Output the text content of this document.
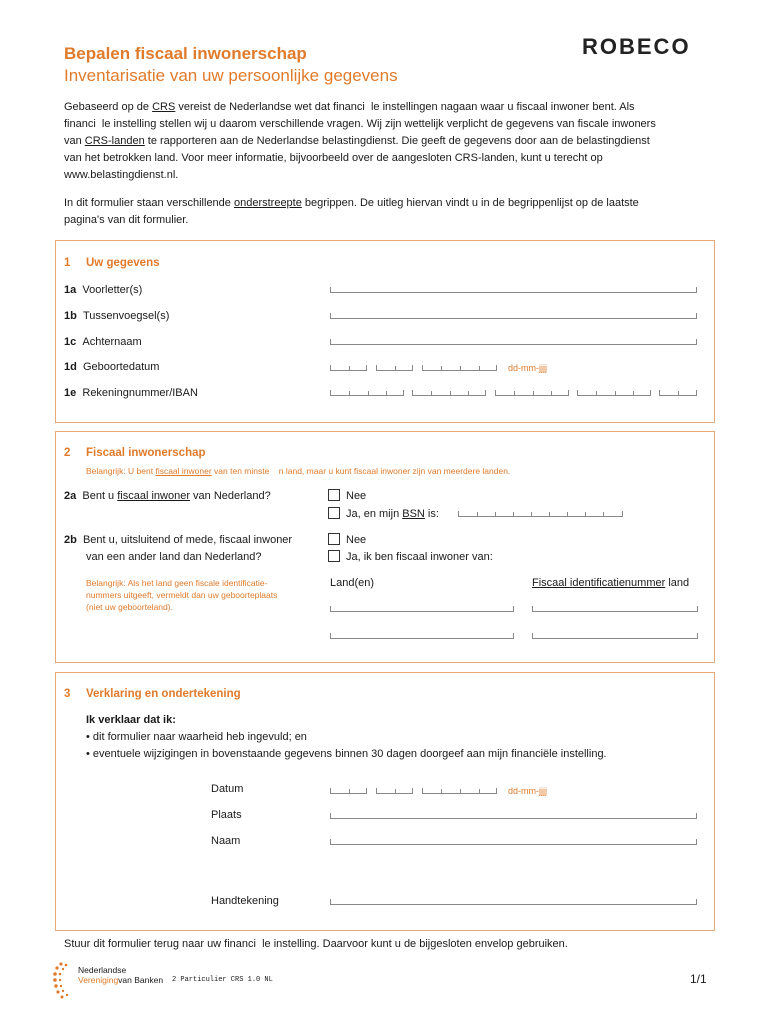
Bepalen fiscaal inwonerschap
Inventarisatie van uw persoonlijke gegevens
ROBECO
Gebaseerd op de CRS vereist de Nederlandse wet dat financi  le instellingen nagaan waar u fiscaal inwoner bent. Als
financi  le instelling stellen wij u daarom verschillende vragen. Wij zijn wettelijk verplicht de gegevens van fiscale inwoners
van CRS-landen te rapporteren aan de Nederlandse belastingdienst. Die geeft de gegevens door aan de belastingdienst
van het betrokken land. Voor meer informatie, bijvoorbeeld over de aangesloten CRS-landen, kunt u terecht op
www.belastingdienst.nl.
In dit formulier staan verschillende onderstreepte begrippen. De uitleg hiervan vindt u in de begrippenlijst op de laatste
pagina's van dit formulier.
1 Uw gegevens
1a Voorletter(s)
1b Tussenvoegsel(s)
1c Achternaam
1d Geboortedatum	dd-mm-jjjj
1e Rekeningnummer/IBAN
2 Fiscaal inwonerschap
Belangrijk: U bent fiscaal inwoner van ten minste    n land, maar u kunt fiscaal inwoner zijn van meerdere landen.
2a Bent u fiscaal inwoner van Nederland?	Nee
Ja, en mijn BSN is:
2b Bent u, uitsluitend of mede, fiscaal inwoner
van een ander land dan Nederland?
Nee
Ja, ik ben fiscaal inwoner van:
Belangrijk: Als het land geen fiscale identificatie-
nummers uitgeeft, vermeldt dan uw geboorteplaats
(niet uw geboorteland).
Land(en)	Fiscaal identificatienummer land
3 Verklaring en ondertekening
Ik verklaar dat ik:
• dit formulier naar waarheid heb ingevuld; en
• eventuele wijzigingen in bovenstaande gegevens binnen 30 dagen doorgeef aan mijn financiële instelling.
Datum	dd-mm-jjjj
Plaats
Naam
Handtekening
Stuur dit formulier terug naar uw financi  le instelling. Daarvoor kunt u de bijgesloten envelop gebruiken.
Nederlandse
Verenigingvan Banken 2 Particulier CRS 1.0 NL	1/1
